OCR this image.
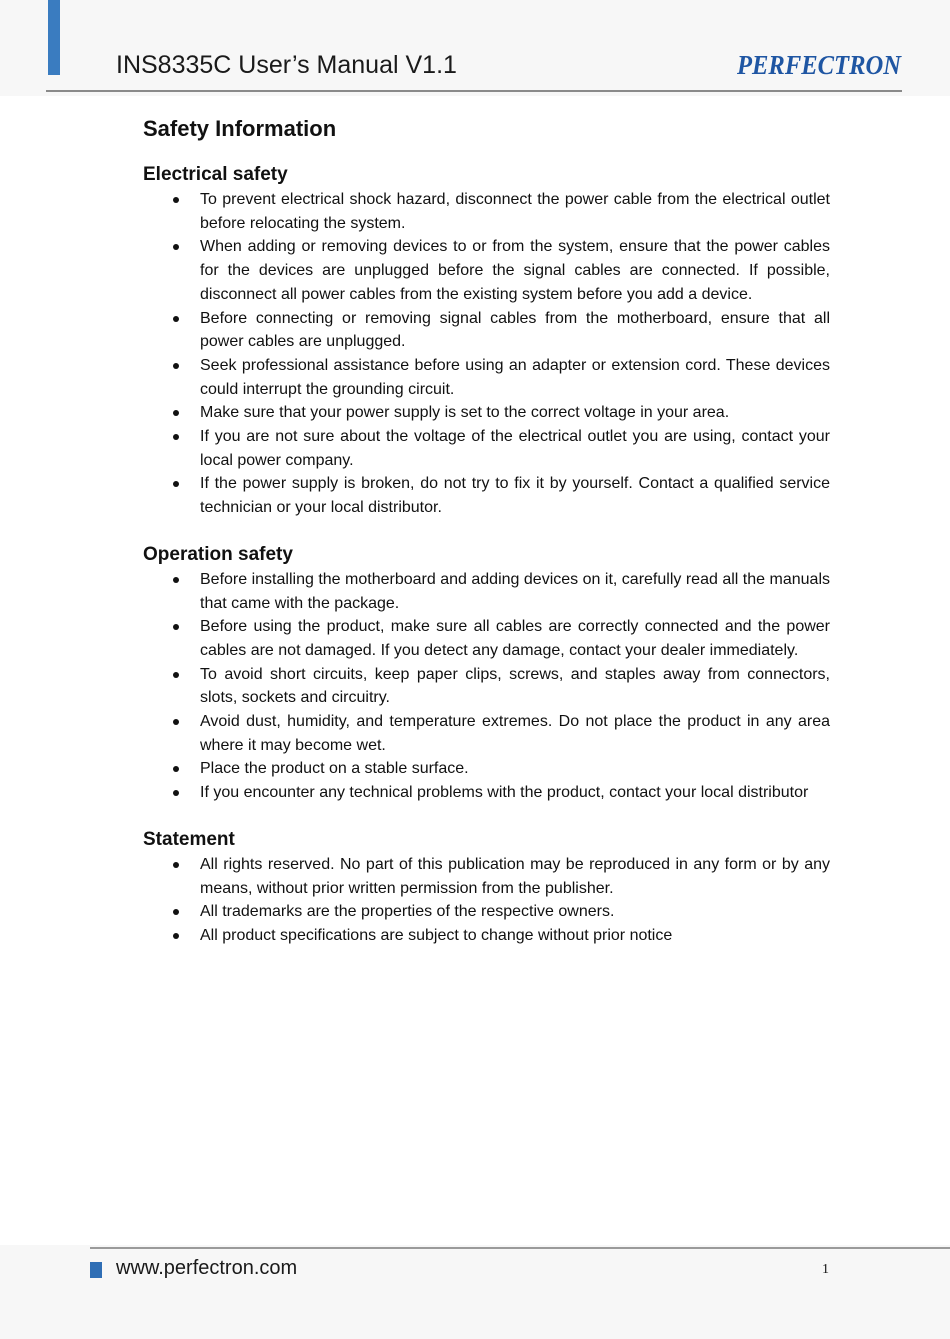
INS8335C User’s Manual V1.1	PERFECTRON
Safety Information
Electrical safety
To prevent electrical shock hazard, disconnect the power cable from the electrical outlet before relocating the system.
When adding or removing devices to or from the system, ensure that the power cables for the devices are unplugged before the signal cables are connected. If possible, disconnect all power cables from the existing system before you add a device.
Before connecting or removing signal cables from the motherboard, ensure that all power cables are unplugged.
Seek professional assistance before using an adapter or extension cord. These devices could interrupt the grounding circuit.
Make sure that your power supply is set to the correct voltage in your area.
If you are not sure about the voltage of the electrical outlet you are using, contact your local power company.
If the power supply is broken, do not try to fix it by yourself. Contact a qualified service technician or your local distributor.
Operation safety
Before installing the motherboard and adding devices on it, carefully read all the manuals that came with the package.
Before using the product, make sure all cables are correctly connected and the power cables are not damaged. If you detect any damage, contact your dealer immediately.
To avoid short circuits, keep paper clips, screws, and staples away from connectors, slots, sockets and circuitry.
Avoid dust, humidity, and temperature extremes. Do not place the product in any area where it may become wet.
Place the product on a stable surface.
If you encounter any technical problems with the product, contact your local distributor
Statement
All rights reserved. No part of this publication may be reproduced in any form or by any means, without prior written permission from the publisher.
All trademarks are the properties of the respective owners.
All product specifications are subject to change without prior notice
www.perfectron.com	1
